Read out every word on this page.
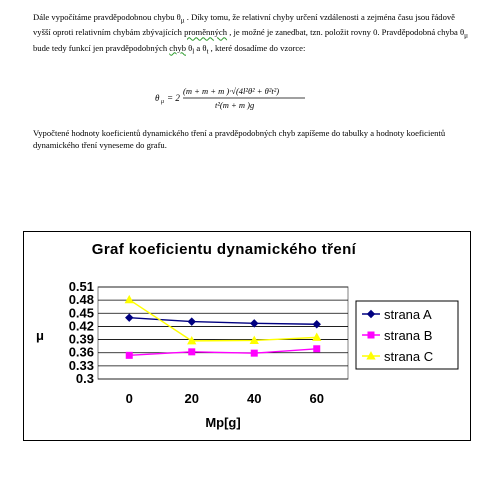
Dále vypočítáme pravděpodobnou chybu $\theta_\mu$ . Díky tomu, že relativní chyby určení vzdálenosti a zejména času jsou řádově vyšší oproti relativním chybám zbývajících proměnných , je možné je zanedbat, tzn. položit rovny 0. Pravděpodobná chyba $\theta_\mu$ bude tedy funkcí jen pravděpodobných chyb $\theta_l$ a $\theta_t$ , které dosadíme do vzorce:
θ μ = 2
(m + m + m )·√(4l²θ² + θ²t²)
t²(m + m )g
Vypočtené hodnoty koeficientů dynamického tření a pravděpodobných chyb zapíšeme do tabulky a hodnoty koeficientů dynamického tření vyneseme do grafu.
Graf koeficientu dynamického tření
0.51
0.48
0.45
0.42
0.39
0.36
0.33
0.3
0	20	40	60
μ
Mp[g]
strana A
strana B
strana C
